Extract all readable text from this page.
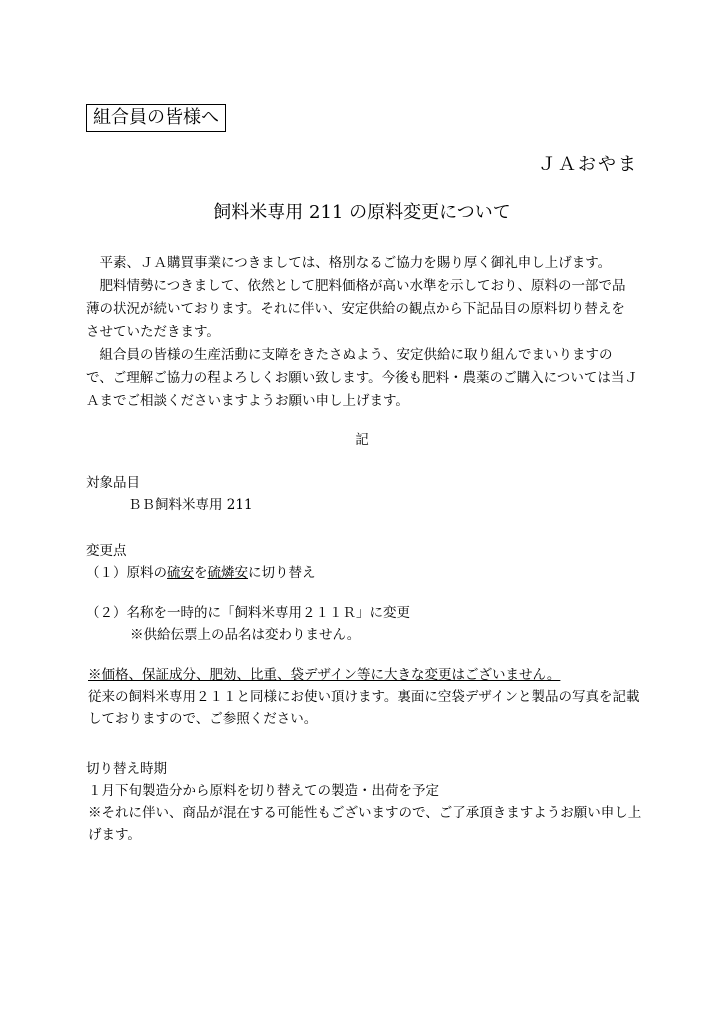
組合員の皆様へ
ＪＡおやま
飼料米専用 211 の原料変更について

平素、ＪＡ購買事業につきましては、格別なるご協力を賜り厚く御礼申し上げます。

肥料情勢につきまして、依然として肥料価格が高い水準を示しており、原料の一部で品薄の状況が続いております。それに伴い、安定供給の観点から下記品目の原料切り替えをさせていただきます。

組合員の皆様の生産活動に支障をきたさぬよう、安定供給に取り組んでまいりますので、ご理解ご協力の程よろしくお願い致します。今後も肥料・農薬のご購入については当ＪＡまでご相談くださいますようお願い申し上げます。

記
対象品目
ＢＢ飼料米専用 211
変更点
（１）原料の硫安を硫燐安に切り替え
（２）名称を一時的に「飼料米専用２１１Ｒ」に変更
※供給伝票上の品名は変わりません。
※価格、保証成分、肥効、比重、袋デザイン等に大きな変更はございません。
従来の飼料米専用２１１と同様にお使い頂けます。裏面に空袋デザインと製品の写真を記載しておりますので、ご参照ください。
切り替え時期
１月下旬製造分から原料を切り替えての製造・出荷を予定
※それに伴い、商品が混在する可能性もございますので、ご了承頂きますようお願い申し上げます。
